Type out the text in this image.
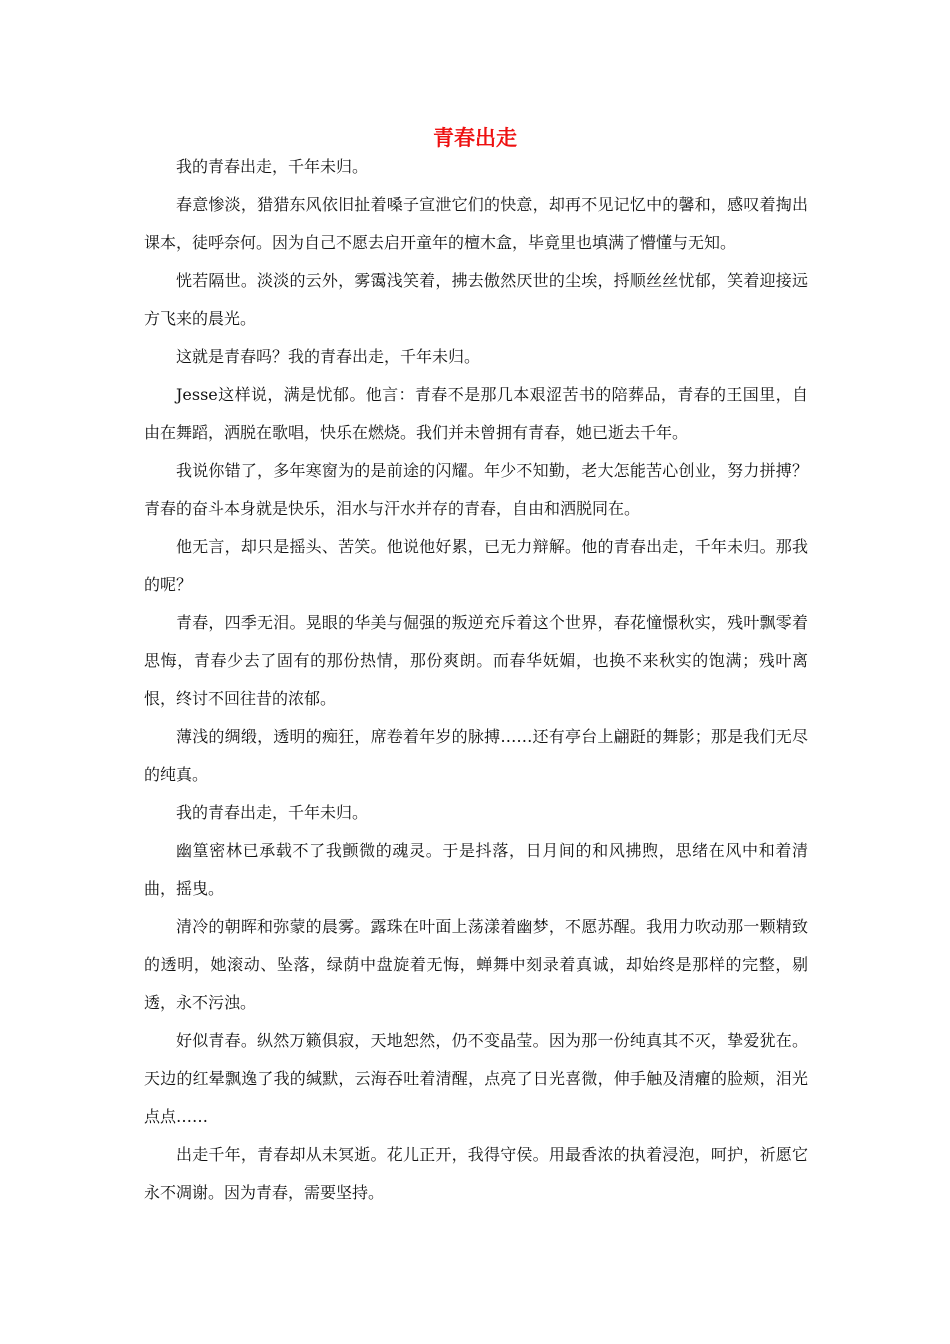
青春出走

我的青春出走，千年未归。

春意惨淡，猎猎东风依旧扯着嗓子宣泄它们的快意，却再不见记忆中的馨和，感叹着掏出课本，徒呼奈何。因为自己不愿去启开童年的檀木盒，毕竟里也填满了懵懂与无知。

恍若隔世。淡淡的云外，雾霭浅笑着，拂去傲然厌世的尘埃，捋顺丝丝忧郁，笑着迎接远方飞来的晨光。

这就是青春吗？我的青春出走，千年未归。

Jesse这样说，满是忧郁。他言：青春不是那几本艰涩苦书的陪葬品，青春的王国里，自由在舞蹈，洒脱在歌唱，快乐在燃烧。我们并未曾拥有青春，她已逝去千年。

我说你错了，多年寒窗为的是前途的闪耀。年少不知勤，老大怎能苦心创业，努力拼搏？青春的奋斗本身就是快乐，泪水与汗水并存的青春，自由和洒脱同在。

他无言，却只是摇头、苦笑。他说他好累，已无力辩解。他的青春出走，千年未归。那我的呢？

青春，四季无泪。晃眼的华美与倔强的叛逆充斥着这个世界，春花憧憬秋实，残叶飘零着思悔，青春少去了固有的那份热情，那份爽朗。而春华妩媚，也换不来秋实的饱满；残叶离恨，终讨不回往昔的浓郁。

薄浅的绸缎，透明的痴狂，席卷着年岁的脉搏……还有亭台上翩跹的舞影；那是我们无尽的纯真。

我的青春出走，千年未归。

幽篁密林已承载不了我颤微的魂灵。于是抖落，日月间的和风拂煦，思绪在风中和着清曲，摇曳。

清冷的朝晖和弥蒙的晨雾。露珠在叶面上荡漾着幽梦，不愿苏醒。我用力吹动那一颗精致的透明，她滚动、坠落，绿荫中盘旋着无悔，蝉舞中刻录着真诚，却始终是那样的完整，剔透，永不污浊。

好似青春。纵然万籁俱寂，天地恕然，仍不变晶莹。因为那一份纯真其不灭，挚爱犹在。天边的红晕飘逸了我的缄默，云海吞吐着清醒，点亮了日光喜微，伸手触及清癯的脸颊，泪光点点……

出走千年，青春却从未冥逝。花儿正开，我得守侯。用最香浓的执着浸泡，呵护，祈愿它永不凋谢。因为青春，需要坚持。
